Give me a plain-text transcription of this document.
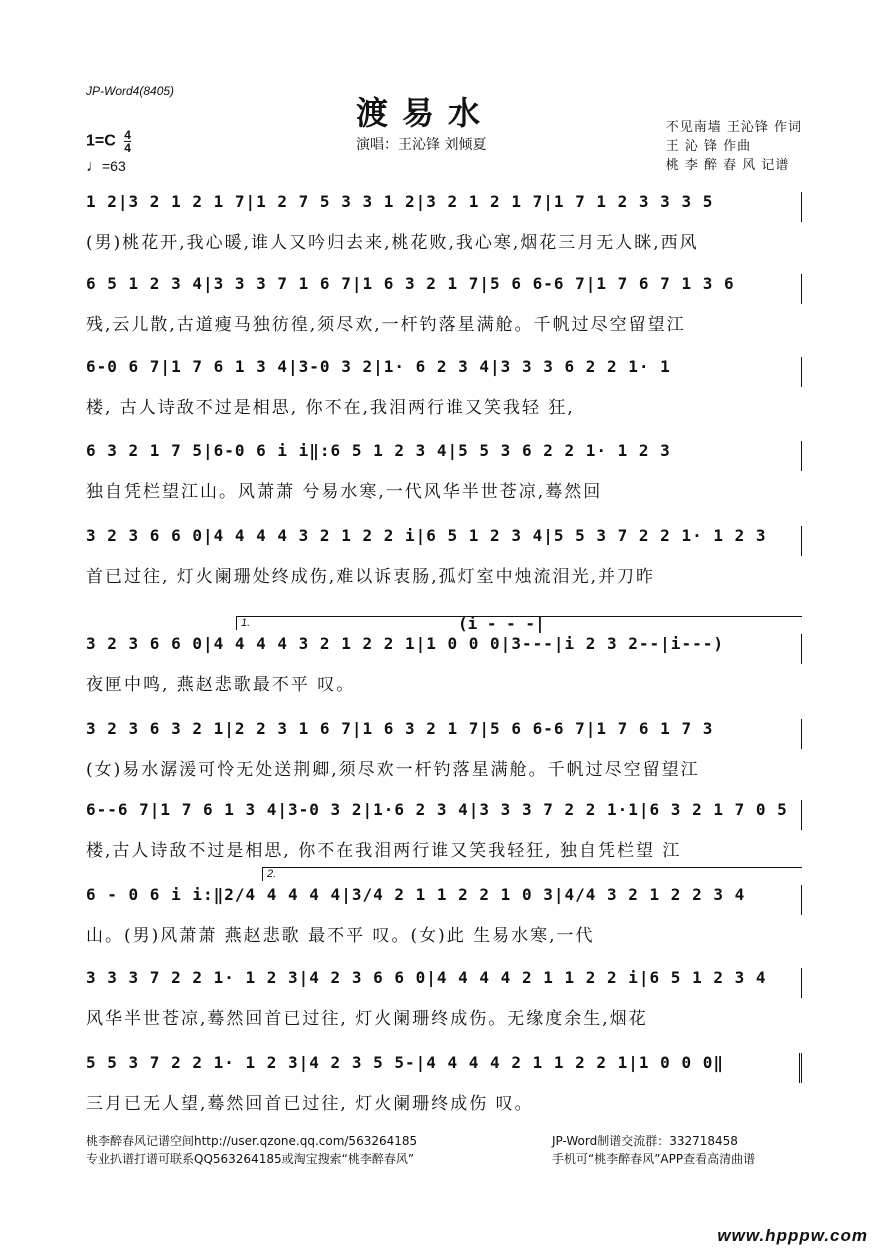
JP-Word4(8405)
渡易水
演唱：王沁锋 刘倾夏
不见南墙 王沁锋 作词
王 沁 锋 作曲
桃 李 醉 春 风 记谱
$1=C \frac{4}{4}$
♩=63
1 2|3 2 1 2 1 7|1 2 7 5 3 3 1 2|3 2 1 2 1 7|1 7 1 2 3 3 3 5
(男)桃花开,我心暖,谁人又吟归去来,桃花败,我心寒,烟花三月无人眯,西风
6 5 1 2 3 4|3 3 3 7 1 6 7|1 6 3 2 1 7|5 6 6-6 7|1 7 6 7 1 3 6
残,云儿散,古道瘦马独彷徨,须尽欢,一杆钓落星满舱。千帆过尽空留望江
6-0 6 7|1 7 6 1 3 4|3-0 3 2|1· 6 2 3 4|3 3 3 6 2 2 1· 1
楼, 古人诗敌不过是相思, 你不在,我泪两行谁又笑我轻 狂,
6 3 2 1 7 5|6-0 6 i i‖:6 5 1 2 3 4|5 5 3 6 2 2 1· 1 2 3
独自凭栏望江山。风萧萧 兮易水寒,一代风华半世苍凉,蓦然回
3 2 3 6 6 0|4 4 4 4 3 2 1 2 2 i|6 5 1 2 3 4|5 5 3 7 2 2 1· 1 2 3
首已过往, 灯火阑珊处终成伤,难以诉衷肠,孤灯室中烛流泪光,并刀昨
1.	(i - - -|
3 2 3 6 6 0|4 4 4 4 3 2 1 2 2 1|1 0 0 0|3---|i 2 3 2--|i---)
夜匣中鸣, 燕赵悲歌最不平 叹。
3 2 3 6 3 2 1|2 2 3 1 6 7|1 6 3 2 1 7|5 6 6-6 7|1 7 6 1 7 3
(女)易水潺湲可怜无处送荆卿,须尽欢一杆钓落星满舱。千帆过尽空留望江
6--6 7|1 7 6 1 3 4|3-0 3 2|1·6 2 3 4|3 3 3 7 2 2 1·1|6 3 2 1 7 0 5
楼,古人诗敌不过是相思, 你不在我泪两行谁又笑我轻狂, 独自凭栏望 江
2.
6 - 0 6 i i:‖2/4 4 4 4 4|3/4 2 1 1 2 2 1 0 3|4/4 3 2 1 2 2 3 4
山。(男)风萧萧 燕赵悲歌 最不平 叹。(女)此 生易水寒,一代
3 3 3 7 2 2 1· 1 2 3|4 2 3 6 6 0|4 4 4 4 2 1 1 2 2 i|6 5 1 2 3 4
风华半世苍凉,蓦然回首已过往, 灯火阑珊终成伤。无缘度余生,烟花
5 5 3 7 2 2 1· 1 2 3|4 2 3 5 5-|4 4 4 4 2 1 1 2 2 1|1 0 0 0‖
三月已无人望,蓦然回首已过往, 灯火阑珊终成伤 叹。
桃李醉春风记谱空间http://user.qzone.qq.com/563264185
专业扒谱打谱可联系QQ563264185或淘宝搜索“桃李醉春风”
JP-Word制谱交流群：332718458
手机可“桃李醉春风”APP查看高清曲谱
www.hpppw.com
